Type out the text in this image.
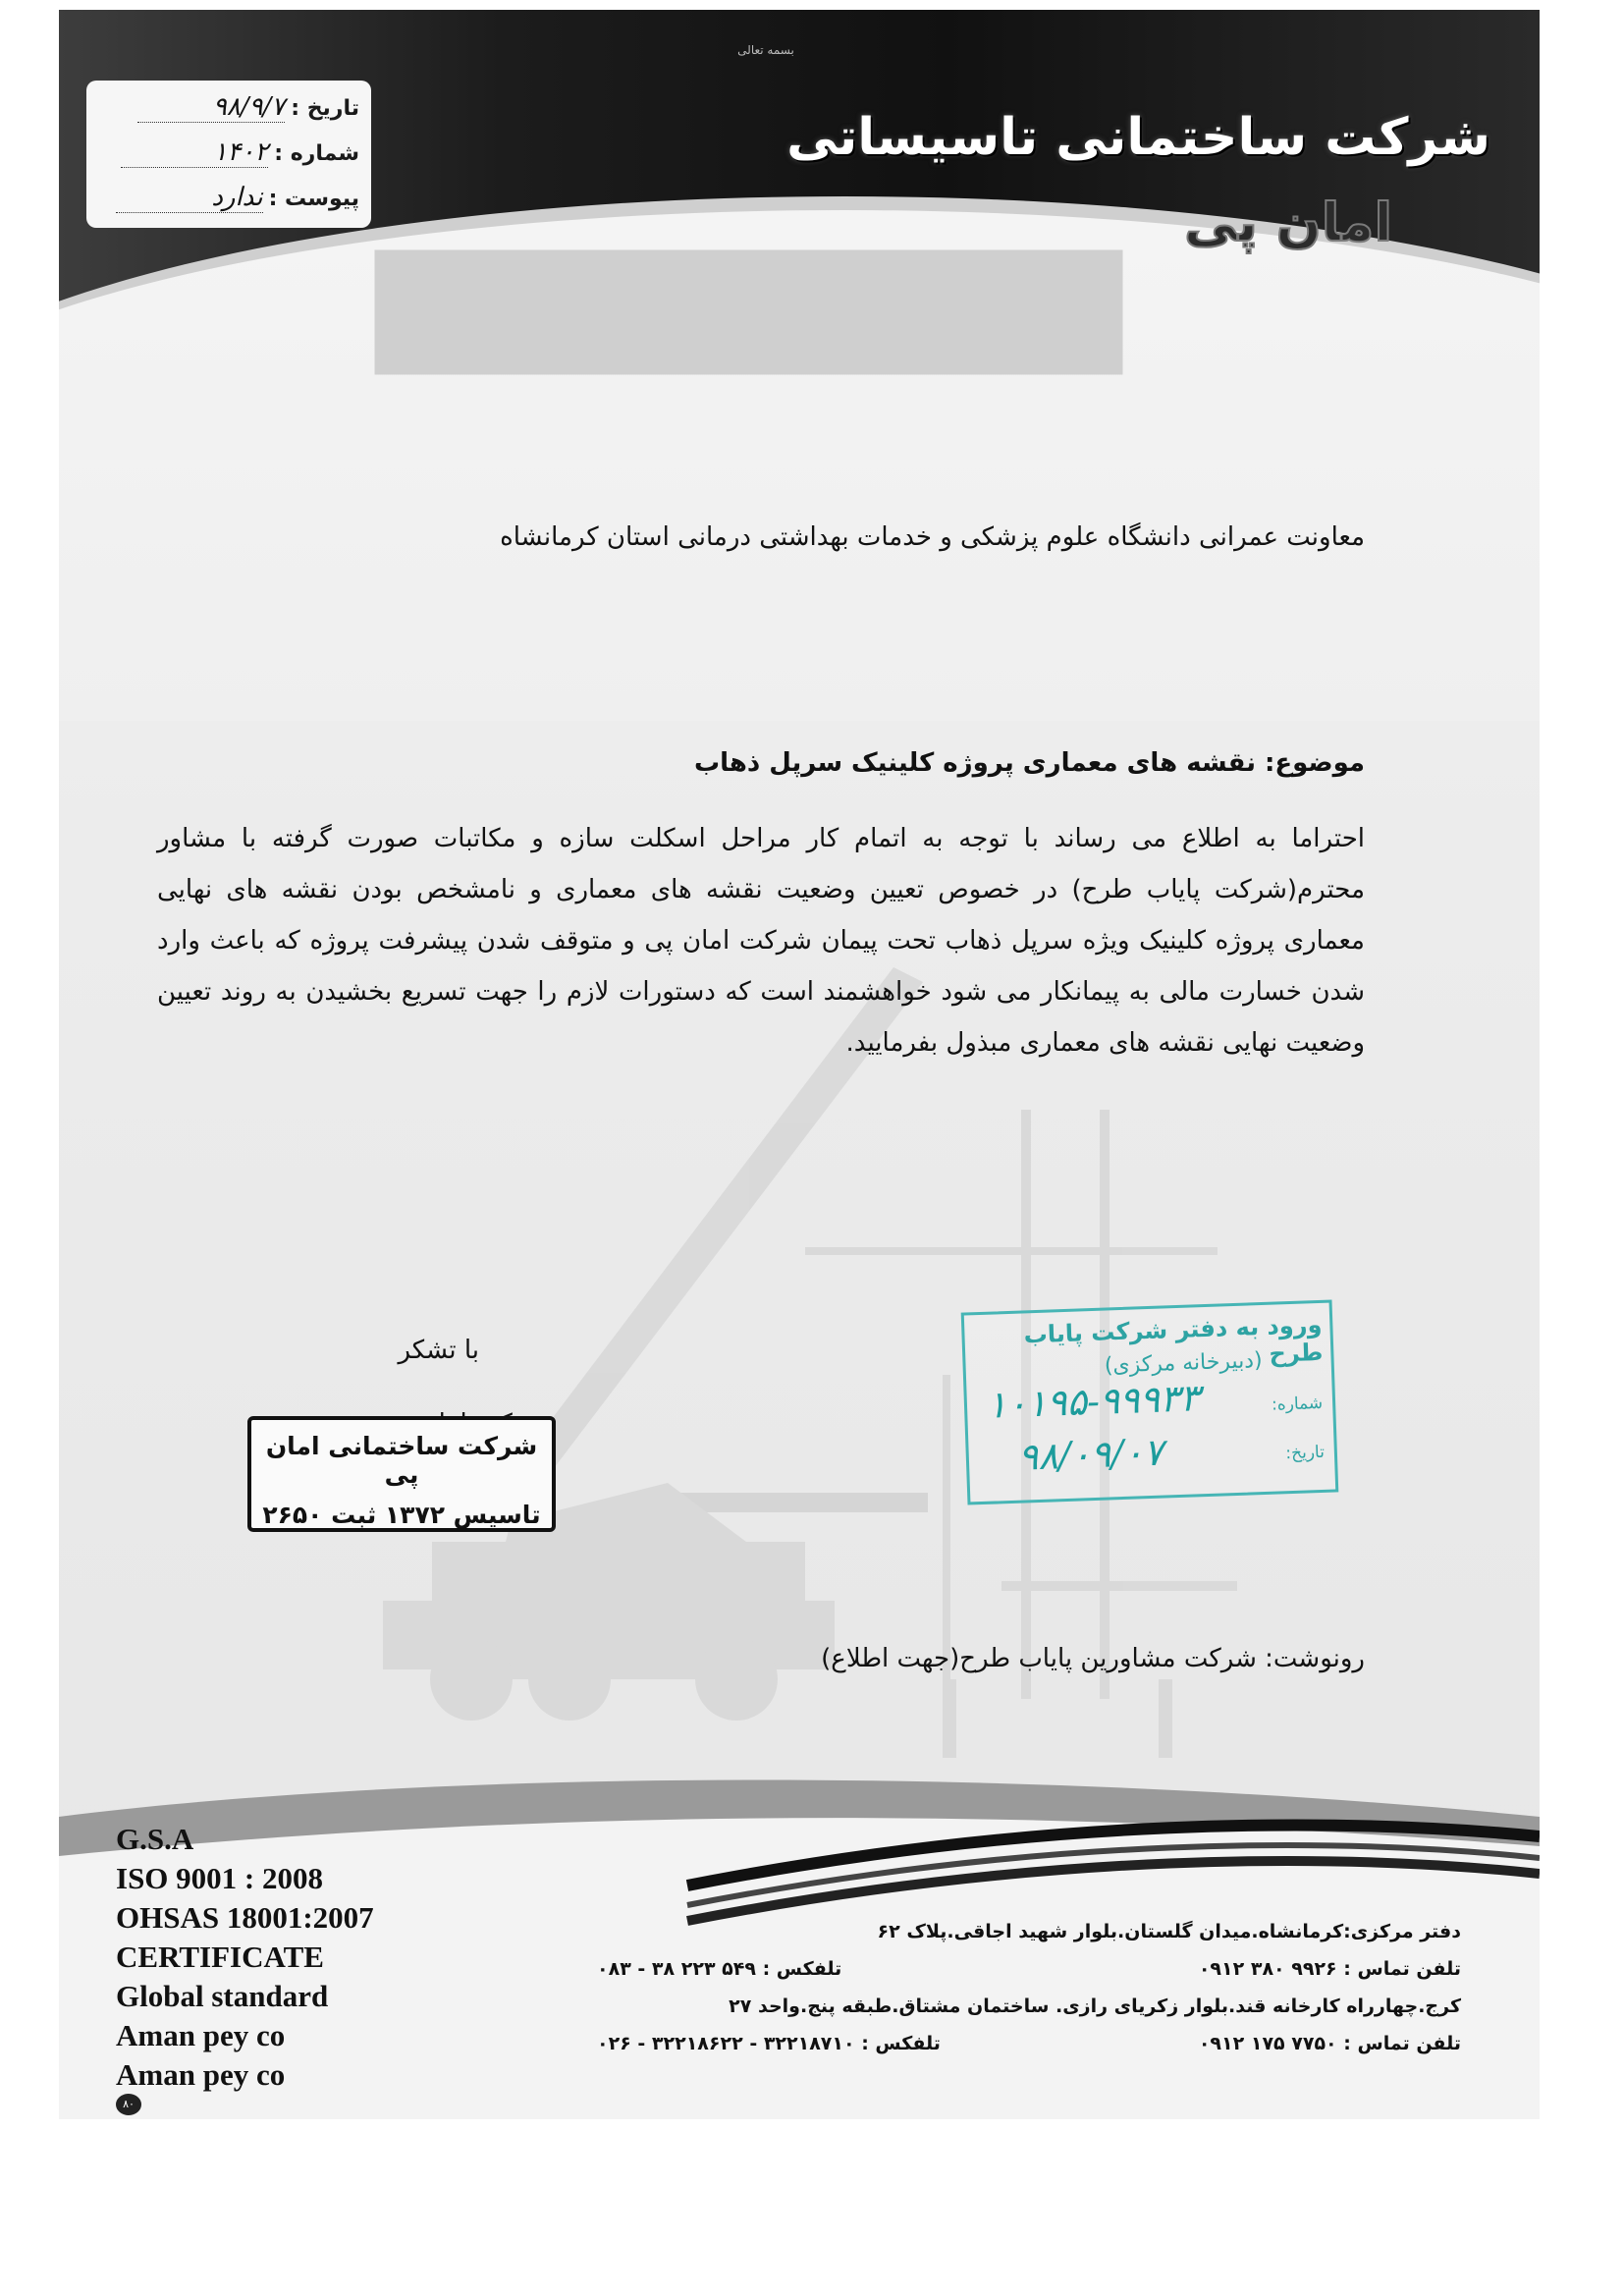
بسمه تعالی
شرکت ساختمانی تاسیساتی
امان پی
تاریخ :
۹۸/۹/۷
شماره :
۱۴۰۲
پیوست :
ندارد
معاونت عمرانی دانشگاه علوم پزشکی و خدمات بهداشتی درمانی استان کرمانشاه
موضوع: نقشه های معماری پروژه کلینیک سرپل ذهاب
احتراما به اطلاع می رساند با توجه به اتمام کار مراحل اسکلت سازه و مکاتبات صورت گرفته با مشاور محترم(شرکت پایاب طرح) در خصوص تعیین وضعیت نقشه های معماری و نامشخص بودن نقشه های نهایی معماری پروژه کلینیک ویژه سرپل ذهاب تحت پیمان شرکت امان پی و متوقف شدن پیشرفت پروژه که باعث وارد شدن خسارت مالی به پیمانکار می شود خواهشمند است که دستورات لازم را جهت تسریع بخشیدن به روند تعیین وضعیت نهایی نقشه های معماری مبذول بفرمایید.
با تشکر
شرکت ساختمانی امان پی
تاسیس ۱۳۷۲ ثبت ۲۶۵۰
ورود به دفتر شرکت پایاب طرح
(دبیرخانه مرکزی)
شماره:
۱۰۱۹۵-۹۹۹۳۳
تاریخ:
۹۸/۰۹/۰۷
رونوشت: شرکت مشاورین پایاب طرح(جهت اطلاع)
G.S.A
ISO 9001 : 2008
OHSAS 18001:2007
CERTIFICATE
Global standard
Aman pey co
Aman pey co
دفتر مرکزی:کرمانشاه.میدان گلستان.بلوار شهید اجاقی.پلاک ۶۲
تلفن تماس : ۹۹۲۶ ۳۸۰ ۰۹۱۲
تلفکس : ۵۴۹ ۲۲۳ ۳۸ - ۰۸۳
کرج.چهارراه کارخانه قند.بلوار زکریای رازی. ساختمان مشتاق.طبقه پنج.واحد ۲۷
تلفن تماس : ۷۷۵۰ ۱۷۵ ۰۹۱۲
تلفکس : ۳۲۲۱۸۷۱۰ - ۳۲۲۱۸۶۲۲ - ۰۲۶
۸۰
